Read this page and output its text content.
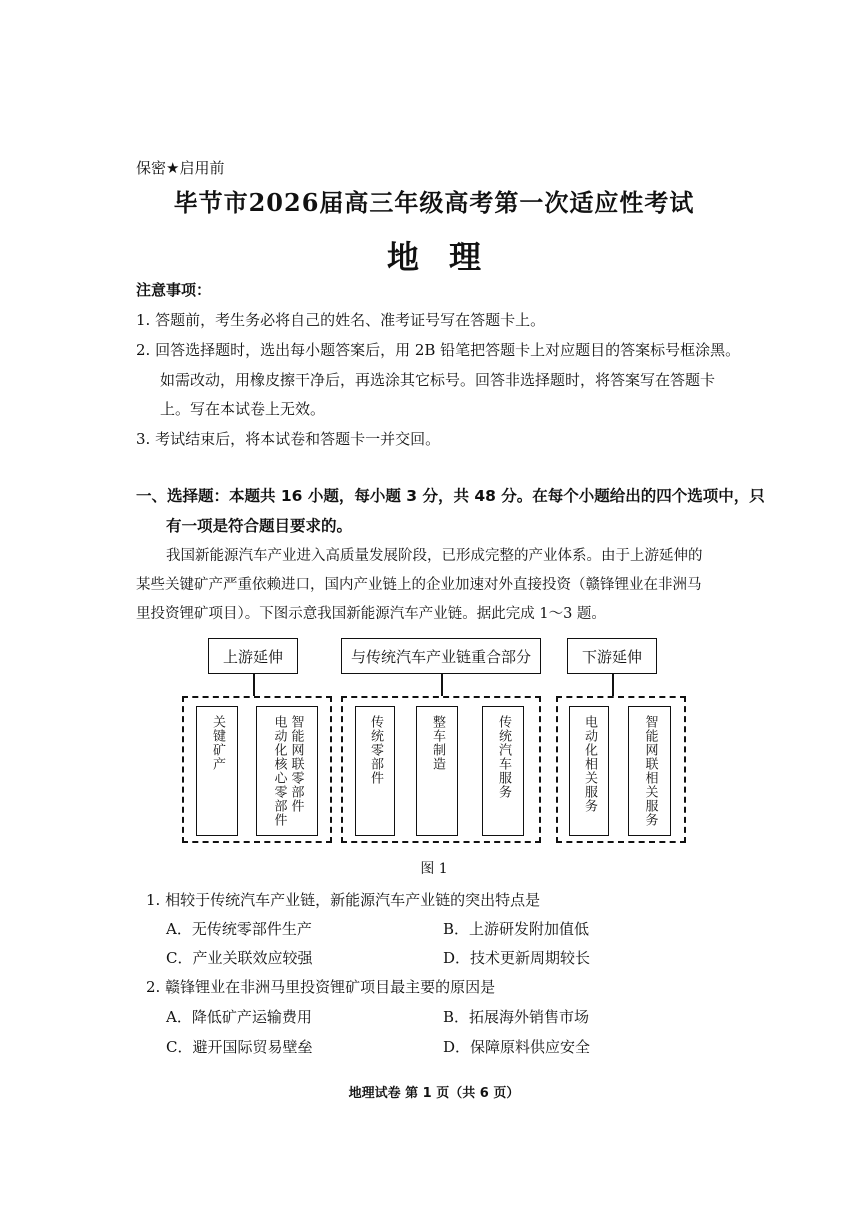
保密★启用前
毕节市2026届高三年级高考第一次适应性考试
地理
注意事项：
1. 答题前，考生务必将自己的姓名、准考证号写在答题卡上。
2. 回答选择题时，选出每小题答案后，用 2B 铅笔把答题卡上对应题目的答案标号框涂黑。
如需改动，用橡皮擦干净后，再选涂其它标号。回答非选择题时，将答案写在答题卡
上。写在本试卷上无效。
3. 考试结束后，将本试卷和答题卡一并交回。
一、选择题：本题共 16 小题，每小题 3 分，共 48 分。在每个小题给出的四个选项中，只
有一项是符合题目要求的。
我国新能源汽车产业进入高质量发展阶段，已形成完整的产业体系。由于上游延伸的
某些关键矿产严重依赖进口，国内产业链上的企业加速对外直接投资（赣锋锂业在非洲马
里投资锂矿项目）。下图示意我国新能源汽车产业链。据此完成 1～3 题。
上游延伸	与传统汽车产业链重合部分	下游延伸
关键矿产	智能网联零部件
电动化核心零部件	传统零部件	整车制造	传统汽车服务	电动化相关服务	智能网联相关服务
图 1
1. 相较于传统汽车产业链，新能源汽车产业链的突出特点是
A．无传统零部件生产	B．上游研发附加值低
C．产业关联效应较强	D．技术更新周期较长
2. 赣锋锂业在非洲马里投资锂矿项目最主要的原因是
A．降低矿产运输费用	B．拓展海外销售市场
C．避开国际贸易壁垒	D．保障原料供应安全
地理试卷 第 1 页（共 6 页）
